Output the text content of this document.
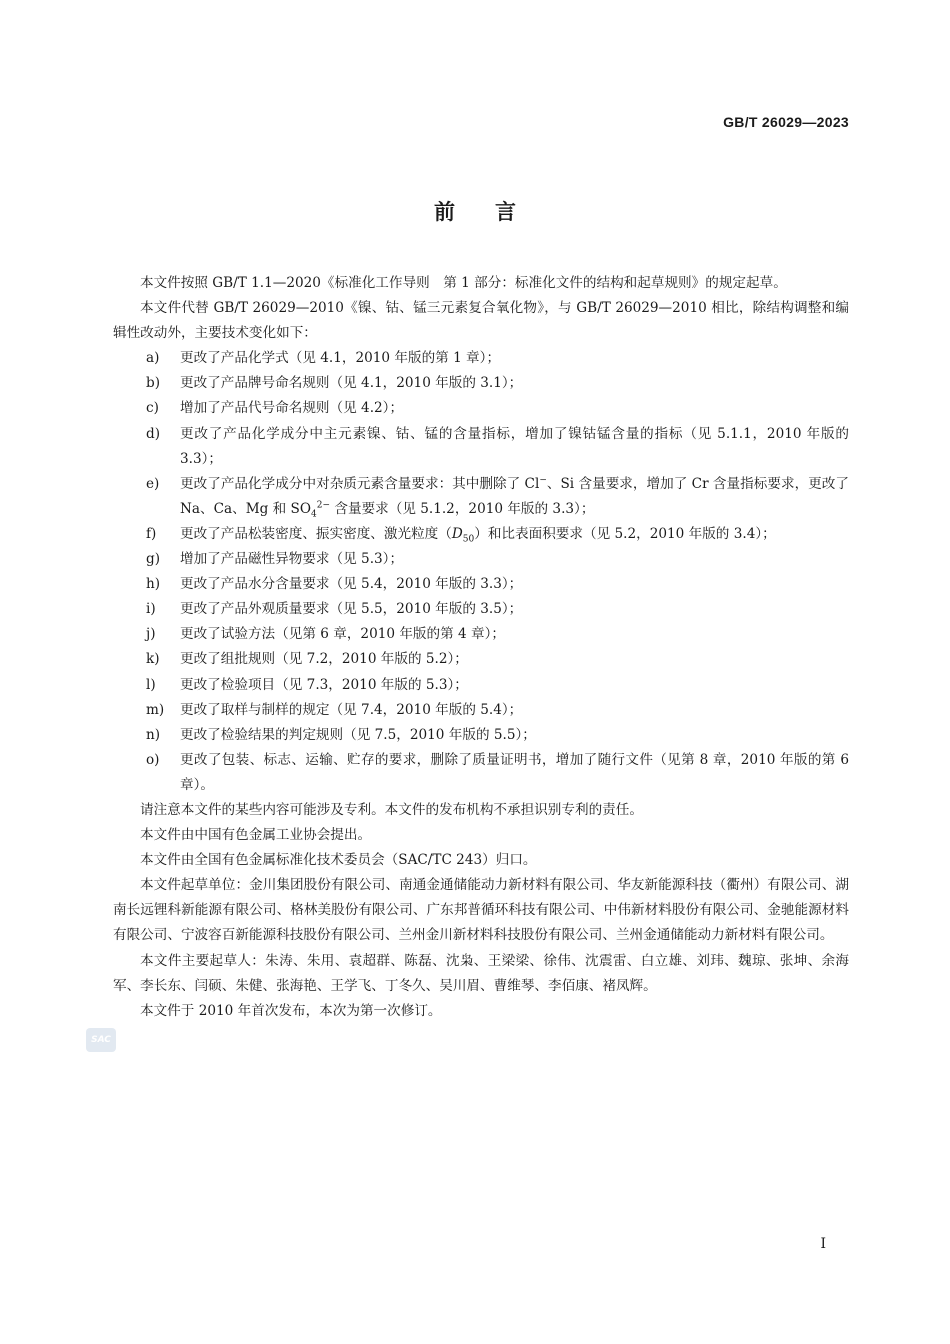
GB/T 26029—2023
前言

本文件按照 GB/T 1.1—2020《标准化工作导则　第 1 部分：标准化文件的结构和起草规则》的规定起草。

本文件代替 GB/T 26029—2010《镍、钴、锰三元素复合氧化物》，与 GB/T 26029—2010 相比，除结构调整和编辑性改动外，主要技术变化如下：

a)	更改了产品化学式（见 4.1，2010 年版的第 1 章）；
b)	更改了产品牌号命名规则（见 4.1，2010 年版的 3.1）；
c)	增加了产品代号命名规则（见 4.2）；
d)	更改了产品化学成分中主元素镍、钴、锰的含量指标，增加了镍钴锰含量的指标（见 5.1.1，2010 年版的 3.3）；
e)	更改了产品化学成分中对杂质元素含量要求：其中删除了 Cl−、Si 含量要求，增加了 Cr 含量指标要求，更改了 Na、Ca、Mg 和 $SO_4^{2-}$ 含量要求（见 5.1.2，2010 年版的 3.3）；
f)	更改了产品松装密度、振实密度、激光粒度$(D_{50})$和比表面积要求（见 5.2，2010 年版的 3.4）；
g)	增加了产品磁性异物要求（见 5.3）；
h)	更改了产品水分含量要求（见 5.4，2010 年版的 3.3）；
i)	更改了产品外观质量要求（见 5.5，2010 年版的 3.5）；
j)	更改了试验方法（见第 6 章，2010 年版的第 4 章）；
k)	更改了组批规则（见 7.2，2010 年版的 5.2）；
l)	更改了检验项目（见 7.3，2010 年版的 5.3）；
m)	更改了取样与制样的规定（见 7.4，2010 年版的 5.4）；
n)	更改了检验结果的判定规则（见 7.5，2010 年版的 5.5）；
o)	更改了包装、标志、运输、贮存的要求，删除了质量证明书，增加了随行文件（见第 8 章，2010 年版的第 6 章）。

请注意本文件的某些内容可能涉及专利。本文件的发布机构不承担识别专利的责任。

本文件由中国有色金属工业协会提出。

本文件由全国有色金属标准化技术委员会（SAC/TC 243）归口。

本文件起草单位：金川集团股份有限公司、南通金通储能动力新材料有限公司、华友新能源科技（衢州）有限公司、湖南长远锂科新能源有限公司、格林美股份有限公司、广东邦普循环科技有限公司、中伟新材料股份有限公司、金驰能源材料有限公司、宁波容百新能源科技股份有限公司、兰州金川新材料科技股份有限公司、兰州金通储能动力新材料有限公司。

本文件主要起草人：朱涛、朱用、袁超群、陈磊、沈枭、王梁梁、徐伟、沈震雷、白立雄、刘玮、魏琼、张坤、余海军、李长东、闫硕、朱健、张海艳、王学飞、丁冬久、吴川眉、曹维琴、李佰康、褚凤辉。

本文件于 2010 年首次发布，本次为第一次修订。

SAC
Ⅰ
